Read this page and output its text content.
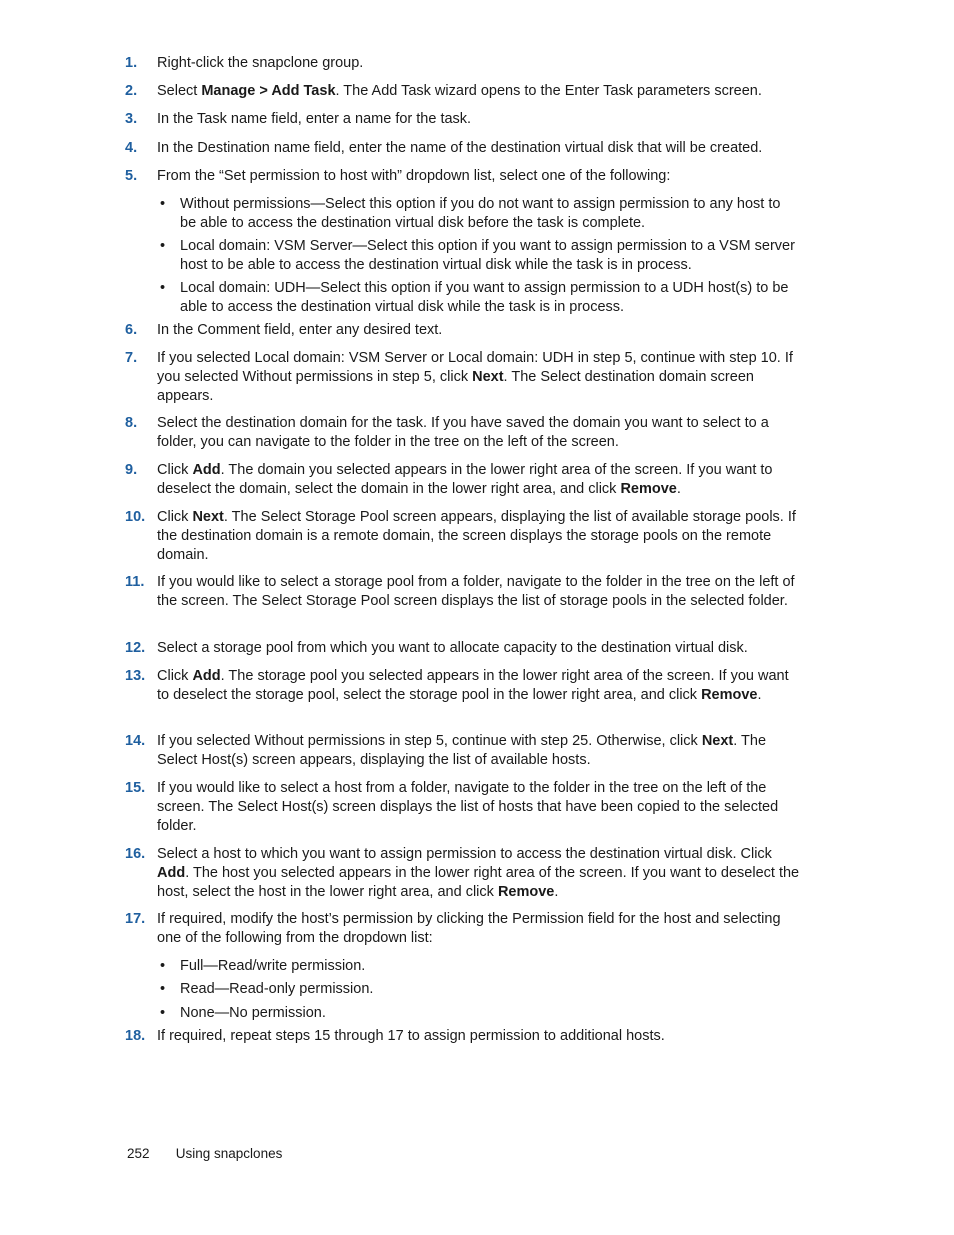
1. Right-click the snapclone group.
2. Select Manage > Add Task. The Add Task wizard opens to the Enter Task parameters screen.
3. In the Task name field, enter a name for the task.
4. In the Destination name field, enter the name of the destination virtual disk that will be created.
5. From the “Set permission to host with” dropdown list, select one of the following:
• Without permissions—Select this option if you do not want to assign permission to any host to be able to access the destination virtual disk before the task is complete.
• Local domain: VSM Server—Select this option if you want to assign permission to a VSM server host to be able to access the destination virtual disk while the task is in process.
• Local domain: UDH—Select this option if you want to assign permission to a UDH host(s) to be able to access the destination virtual disk while the task is in process.
6. In the Comment field, enter any desired text.
7. If you selected Local domain: VSM Server or Local domain: UDH in step 5, continue with step 10. If you selected Without permissions in step 5, click Next. The Select destination domain screen appears.
8. Select the destination domain for the task. If you have saved the domain you want to select to a folder, you can navigate to the folder in the tree on the left of the screen.
9. Click Add. The domain you selected appears in the lower right area of the screen. If you want to deselect the domain, select the domain in the lower right area, and click Remove.
10. Click Next. The Select Storage Pool screen appears, displaying the list of available storage pools. If the destination domain is a remote domain, the screen displays the storage pools on the remote domain.
11. If you would like to select a storage pool from a folder, navigate to the folder in the tree on the left of the screen. The Select Storage Pool screen displays the list of storage pools in the selected folder.
12. Select a storage pool from which you want to allocate capacity to the destination virtual disk.
13. Click Add. The storage pool you selected appears in the lower right area of the screen. If you want to deselect the storage pool, select the storage pool in the lower right area, and click Remove.
14. If you selected Without permissions in step 5, continue with step 25. Otherwise, click Next. The Select Host(s) screen appears, displaying the list of available hosts.
15. If you would like to select a host from a folder, navigate to the folder in the tree on the left of the screen. The Select Host(s) screen displays the list of hosts that have been copied to the selected folder.
16. Select a host to which you want to assign permission to access the destination virtual disk. Click Add. The host you selected appears in the lower right area of the screen. If you want to deselect the host, select the host in the lower right area, and click Remove.
17. If required, modify the host’s permission by clicking the Permission field for the host and selecting one of the following from the dropdown list:
• Full—Read/write permission.
• Read—Read-only permission.
• None—No permission.
18. If required, repeat steps 15 through 17 to assign permission to additional hosts.
252 Using snapclones
